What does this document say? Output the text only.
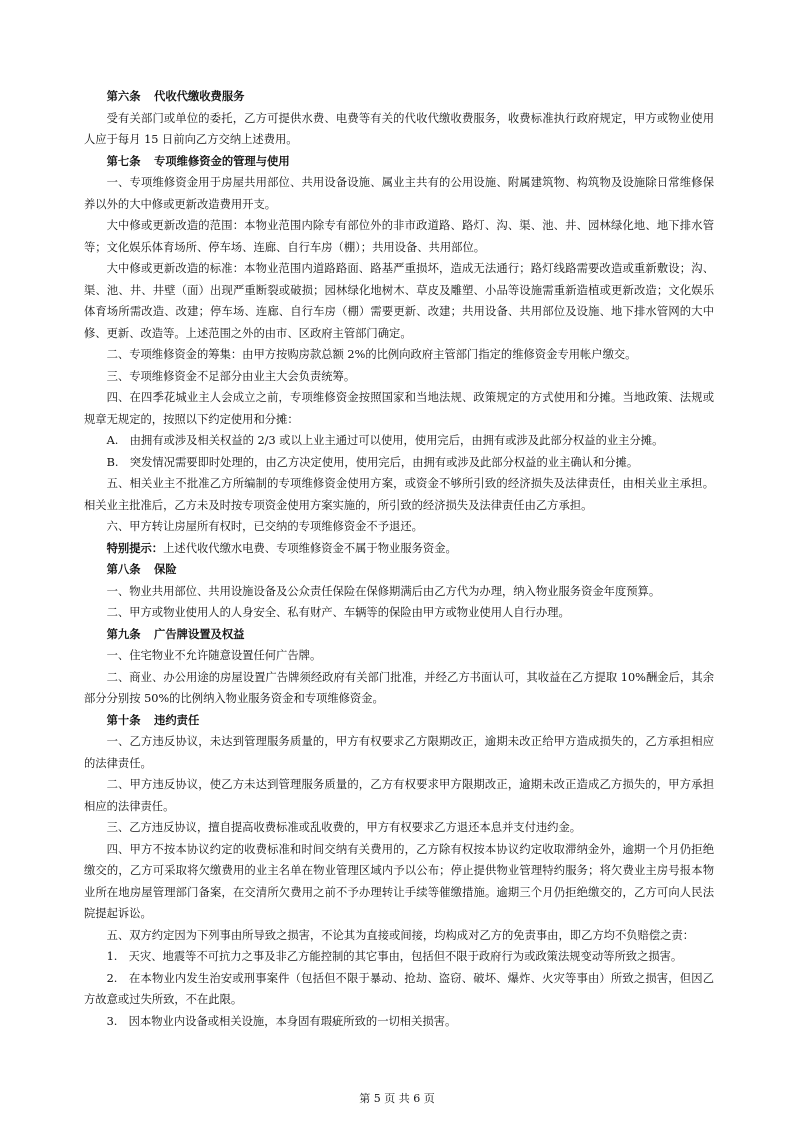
第六条 代收代缴收费服务

受有关部门或单位的委托，乙方可提供水费、电费等有关的代收代缴收费服务，收费标准执行政府规定，甲方或物业使用人应于每月 15 日前向乙方交纳上述费用。

第七条 专项维修资金的管理与使用

一、专项维修资金用于房屋共用部位、共用设备设施、属业主共有的公用设施、附属建筑物、构筑物及设施除日常维修保养以外的大中修或更新改造费用开支。

大中修或更新改造的范围：本物业范围内除专有部位外的非市政道路、路灯、沟、渠、池、井、园林绿化地、地下排水管等；文化娱乐体育场所、停车场、连廊、自行车房（棚）；共用设备、共用部位。

大中修或更新改造的标准：本物业范围内道路路面、路基严重损坏，造成无法通行；路灯线路需要改造或重新敷设；沟、渠、池、井、井壁（面）出现严重断裂或破损；园林绿化地树木、草皮及雕塑、小品等设施需重新造植或更新改造；文化娱乐体育场所需改造、改建；停车场、连廊、自行车房（棚）需要更新、改建；共用设备、共用部位及设施、地下排水管网的大中修、更新、改造等。上述范围之外的由市、区政府主管部门确定。

二、专项维修资金的筹集：由甲方按购房款总额 2%的比例向政府主管部门指定的维修资金专用帐户缴交。

三、专项维修资金不足部分由业主大会负责统筹。

四、在四季花城业主人会成立之前，专项维修资金按照国家和当地法规、政策规定的方式使用和分摊。当地政策、法规或规章无规定的，按照以下约定使用和分摊：

A.　由拥有或涉及相关权益的 2/3 或以上业主通过可以使用，使用完后，由拥有或涉及此部分权益的业主分摊。

B.　突发情况需要即时处理的，由乙方决定使用，使用完后，由拥有或涉及此部分权益的业主确认和分摊。

五、相关业主不批准乙方所编制的专项维修资金使用方案，或资金不够所引致的经济损失及法律责任，由相关业主承担。相关业主批准后，乙方未及时按专项资金使用方案实施的，所引致的经济损失及法律责任由乙方承担。

六、甲方转让房屋所有权时，已交纳的专项维修资金不予退还。

特别提示：上述代收代缴水电费、专项维修资金不属于物业服务资金。

第八条 保险

一、物业共用部位、共用设施设备及公众责任保险在保修期满后由乙方代为办理，纳入物业服务资金年度预算。

二、甲方或物业使用人的人身安全、私有财产、车辆等的保险由甲方或物业使用人自行办理。

第九条 广告牌设置及权益

一、住宅物业不允许随意设置任何广告牌。

二、商业、办公用途的房屋设置广告牌须经政府有关部门批准，并经乙方书面认可，其收益在乙方提取 10%酬金后，其余部分分别按 50%的比例纳入物业服务资金和专项维修资金。

第十条 违约责任

一、乙方违反协议，未达到管理服务质量的，甲方有权要求乙方限期改正，逾期未改正给甲方造成损失的，乙方承担相应的法律责任。

二、甲方违反协议，使乙方未达到管理服务质量的，乙方有权要求甲方限期改正，逾期未改正造成乙方损失的，甲方承担相应的法律责任。

三、乙方违反协议，擅自提高收费标准或乱收费的，甲方有权要求乙方退还本息并支付违约金。

四、甲方不按本协议约定的收费标准和时间交纳有关费用的，乙方除有权按本协议约定收取滞纳金外，逾期一个月仍拒绝缴交的，乙方可采取将欠缴费用的业主名单在物业管理区域内予以公布；停止提供物业管理特约服务；将欠费业主房号报本物业所在地房屋管理部门备案，在交清所欠费用之前不予办理转让手续等催缴措施。逾期三个月仍拒绝缴交的，乙方可向人民法院提起诉讼。

五、双方约定因为下列事由所导致之损害，不论其为直接或间接，均构成对乙方的免责事由，即乙方均不负赔偿之责：

1.　天灾、地震等不可抗力之事及非乙方能控制的其它事由，包括但不限于政府行为或政策法规变动等所致之损害。

2.　在本物业内发生治安或刑事案件（包括但不限于暴动、抢劫、盗窃、破坏、爆炸、火灾等事由）所致之损害，但因乙方故意或过失所致，不在此限。

3.　因本物业内设备或相关设施，本身固有瑕疵所致的一切相关损害。

第 5 页 共 6 页
